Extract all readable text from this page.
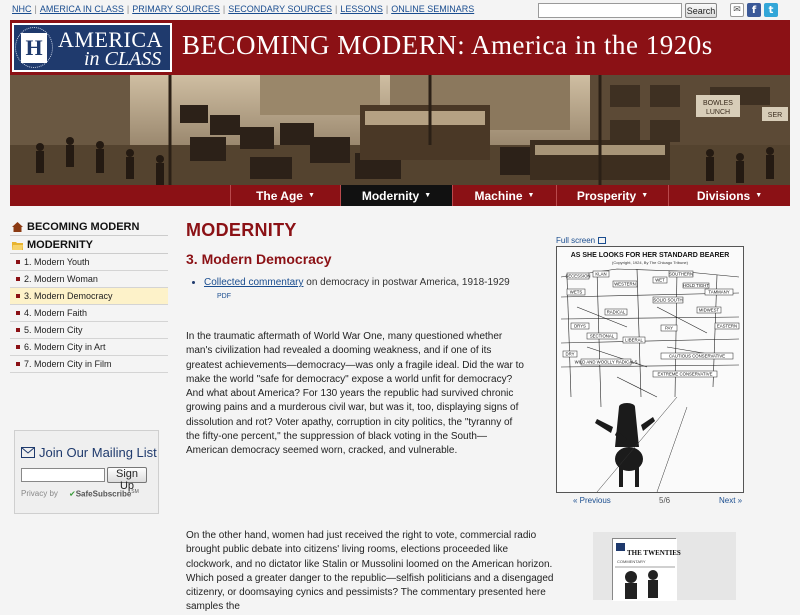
NHC | AMERICA IN CLASS | PRIMARY SOURCES | SECONDARY SOURCES | LESSONS | ONLINE SEMINARS	Search	✉	f	t
H AMERICA
in CLASS BECOMING MODERN: America in the 1920s
BOWLES
LUNCH	SER
The Age ▼	Modernity ▼	Machine ▼	Prosperity ▼	Divisions ▼
BECOMING MODERN
MODERNITY
1. Modern Youth
2. Modern Woman
3. Modern Democracy
4. Modern Faith
5. Modern City
6. Modern City in Art
7. Modern City in Film
Join Our Mailing List
Sign Up
Privacy by ✔SafeSubscribe℠
MODERNITY
3. Modern Democracy
Collected commentary on democracy in postwar America, 1918-1929
PDF

In the traumatic aftermath of World War One, many questioned whether man's civilization had revealed a dooming weakness, and if one of its greatest achievements—democracy—was only a fragile ideal. Did the war to make the world "safe for democracy" expose a world unfit for democracy? And what about America? For 130 years the republic had survived chronic growing pains and a murderous civil war, but was it, too, displaying signs of dissolution and rot? Voter apathy, corruption in city politics, the "tyranny of the fifty-one percent," the suppression of black voting in the South—American democracy seemed worn, cracked, and vulnerable.

On the other hand, women had just received the right to vote, commercial radio brought public debate into citizens' living rooms, elections proceeded like clockwork, and no dictator like Stalin or Mussolini loomed on the American horizon. Which posed a greater danger to the republic—selfish politicians and a disengaged citizenry, or doomsaying cynics and pessimists? The commentary presented here samples the

Full screen
AS SHE LOOKS FOR HER STANDARD BEARER
(Copyright, 1924, By The Chicago Tribune)
SECESSION KLAN
DRY
WET
SOUTHERN
WESTERN
EASTERN
MIDWEST
RADICAL
LIBERAL
SOLID SOUTH
TAMMANY
WILD AND WOOLLY RADICALS
EXTREME CONSERVATIVE
HOLD TIGHT
CAUTIOUS CONSERVATIVE
PAY
WETS
DRYS
SECTIONAL
« Previous	5/6	Next »
THE TWENTIES
COMMENTARY
